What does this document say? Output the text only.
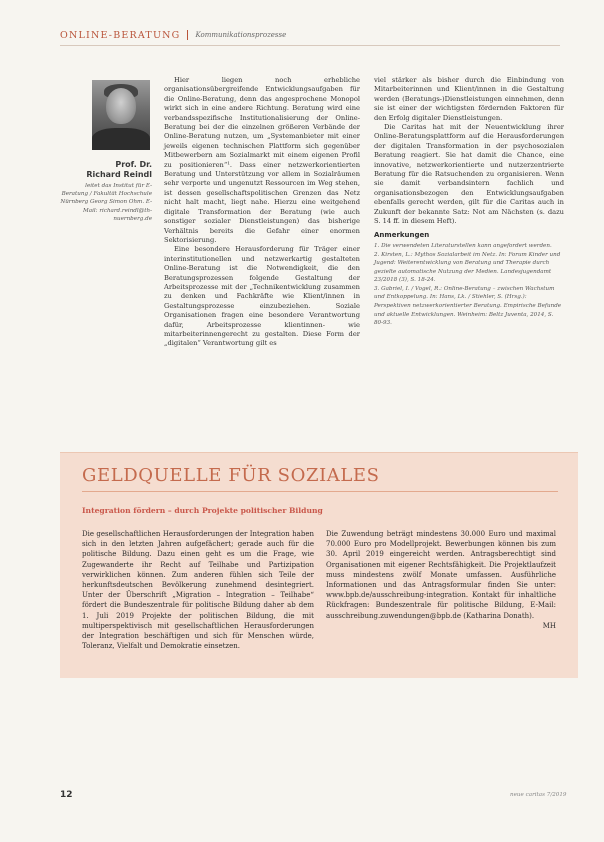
ONLINE-BERATUNG Kommunikationsprozesse
Prof. Dr.
Richard Reindl
leitet das Institut für E-Beratung / Fakultät Hochschule Nürnberg Georg Simon Ohm. E-Mail: richard.reindl@th-nuernberg.de

Hier liegen noch erhebliche organisationsübergreifende Entwicklungsaufgaben für die Online-Beratung, denn das angesprochene Monopol wirkt sich in eine andere Richtung. Beratung wird eine verbandsspezifische Institutionalisierung der Online-Beratung bei der die einzelnen größeren Verbände der Online-Beratung nutzen, um „Systemanbieter mit einer jeweils eigenen technischen Plattform sich gegenüber Mitbewerbern am Sozialmarkt mit einem eigenen Profil zu positionieren“¹. Dass einer netzwerkorientierten Beratung und Unterstützung vor allem in Sozialräumen sehr verporte und ungenutzt Ressourcen im Weg stehen, ist dessen gesellschaftspolitischen Grenzen das Netz nicht halt macht, liegt nahe. Hierzu eine weitgehend digitale Transformation der Beratung (wie auch sonstiger sozialer Dienstleistungen) das bisherige Verhältnis bereits die Gefahr einer enormen Sektorisierung.

Eine besondere Herausforderung für Träger einer interinstitutionellen und netzwerkartig gestalteten Online-Beratung ist die Notwendigkeit, die den Beratungsprozessen folgende Gestaltung der Arbeitsprozesse mit der „Technikentwicklung zusammen zu denken und Fachkräfte wie Klient/innen in Gestaltungsprozesse einzubeziehen. Soziale Organisationen fragen eine besondere Verantwortung dafür, Arbeitsprozesse klientinnen- wie mitarbeiterinnengerecht zu gestalten. Diese Form der „digitalen“ Verantwortung gilt es

viel stärker als bisher durch die Einbindung von Mitarbeiterinnen und Klient/innen in die Gestaltung werden (Beratungs-)Dienstleistungen einnehmen, denn sie ist einer der wichtigsten fördernden Faktoren für den Erfolg digitaler Dienstleistungen.

Die Caritas hat mit der Neuentwicklung ihrer Online-Beratungsplattform auf die Herausforderungen der digitalen Transformation in der psychosozialen Beratung reagiert. Sie hat damit die Chance, eine innovative, netzwerkorientierte und nutzerzentrierte Beratung für die Ratsuchenden zu organisieren. Wenn sie damit verbandsintern fachlich und organisationsbezogen den Entwicklungsaufgaben ebenfalls gerecht werden, gilt für die Caritas auch in Zukunft der bekannte Satz: Not am Nächsten (s. dazu S. 14 ff. in diesem Heft).

Anmerkungen
1. Die verwendeten Literaturstellen kann angefordert werden.
2. Kirsten, L.: Mythos Sozialarbeit im Netz. In: Forum Kinder und Jugend: Weiterentwicklung von Beratung und Therapie durch gezielte automatische Nutzung der Medien. Landesjugendamt 23/2018 (3), S. 18-24.
3. Gabriel, I. / Vogel, R.: Online-Beratung – zwischen Wachstum und Entkoppelung. In: Hans, Lk. / Stiehler, S. (Hrsg.): Perspektiven netzwerkorientierter Beratung. Empirische Befunde und aktuelle Entwicklungen. Weinheim: Beltz Juventa, 2014, S. 80-93.
GELDQUELLE FÜR SOZIALES
Integration fördern – durch Projekte politischer Bildung
Die gesellschaftlichen Herausforderungen der Integration haben sich in den letzten Jahren aufgefächert; gerade auch für die politische Bildung. Dazu einen geht es um die Frage, wie Zugewanderte ihr Recht auf Teilhabe und Partizipation verwirklichen können. Zum anderen fühlen sich Teile der herkunftsdeutschen Bevölkerung zunehmend desintegriert. Unter der Überschrift „Migration – Integration – Teilhabe“ fördert die Bundeszentrale für politische Bildung daher ab dem 1. Juli 2019 Projekte der politischen Bildung, die mit multiperspektivisch mit gesellschaftlichen Herausforderungen der Integration beschäftigen und sich für Menschen würde, Toleranz, Vielfalt und Demokratie einsetzen.
Die Zuwendung beträgt mindestens 30.000 Euro und maximal 70.000 Euro pro Modellprojekt. Bewerbungen können bis zum 30. April 2019 eingereicht werden. Antragsberechtigt sind Organisationen mit eigener Rechtsfähigkeit. Die Projektlaufzeit muss mindestens zwölf Monate umfassen. Ausführliche Informationen und das Antragsformular finden Sie unter: www.bpb.de/ausschreibung-integration. Kontakt für inhaltliche Rückfragen: Bundeszentrale für politische Bildung, E-Mail: ausschreibung.zuwendungen@bpb.de (Katharina Donath).
MH
12	neue caritas 7/2019
